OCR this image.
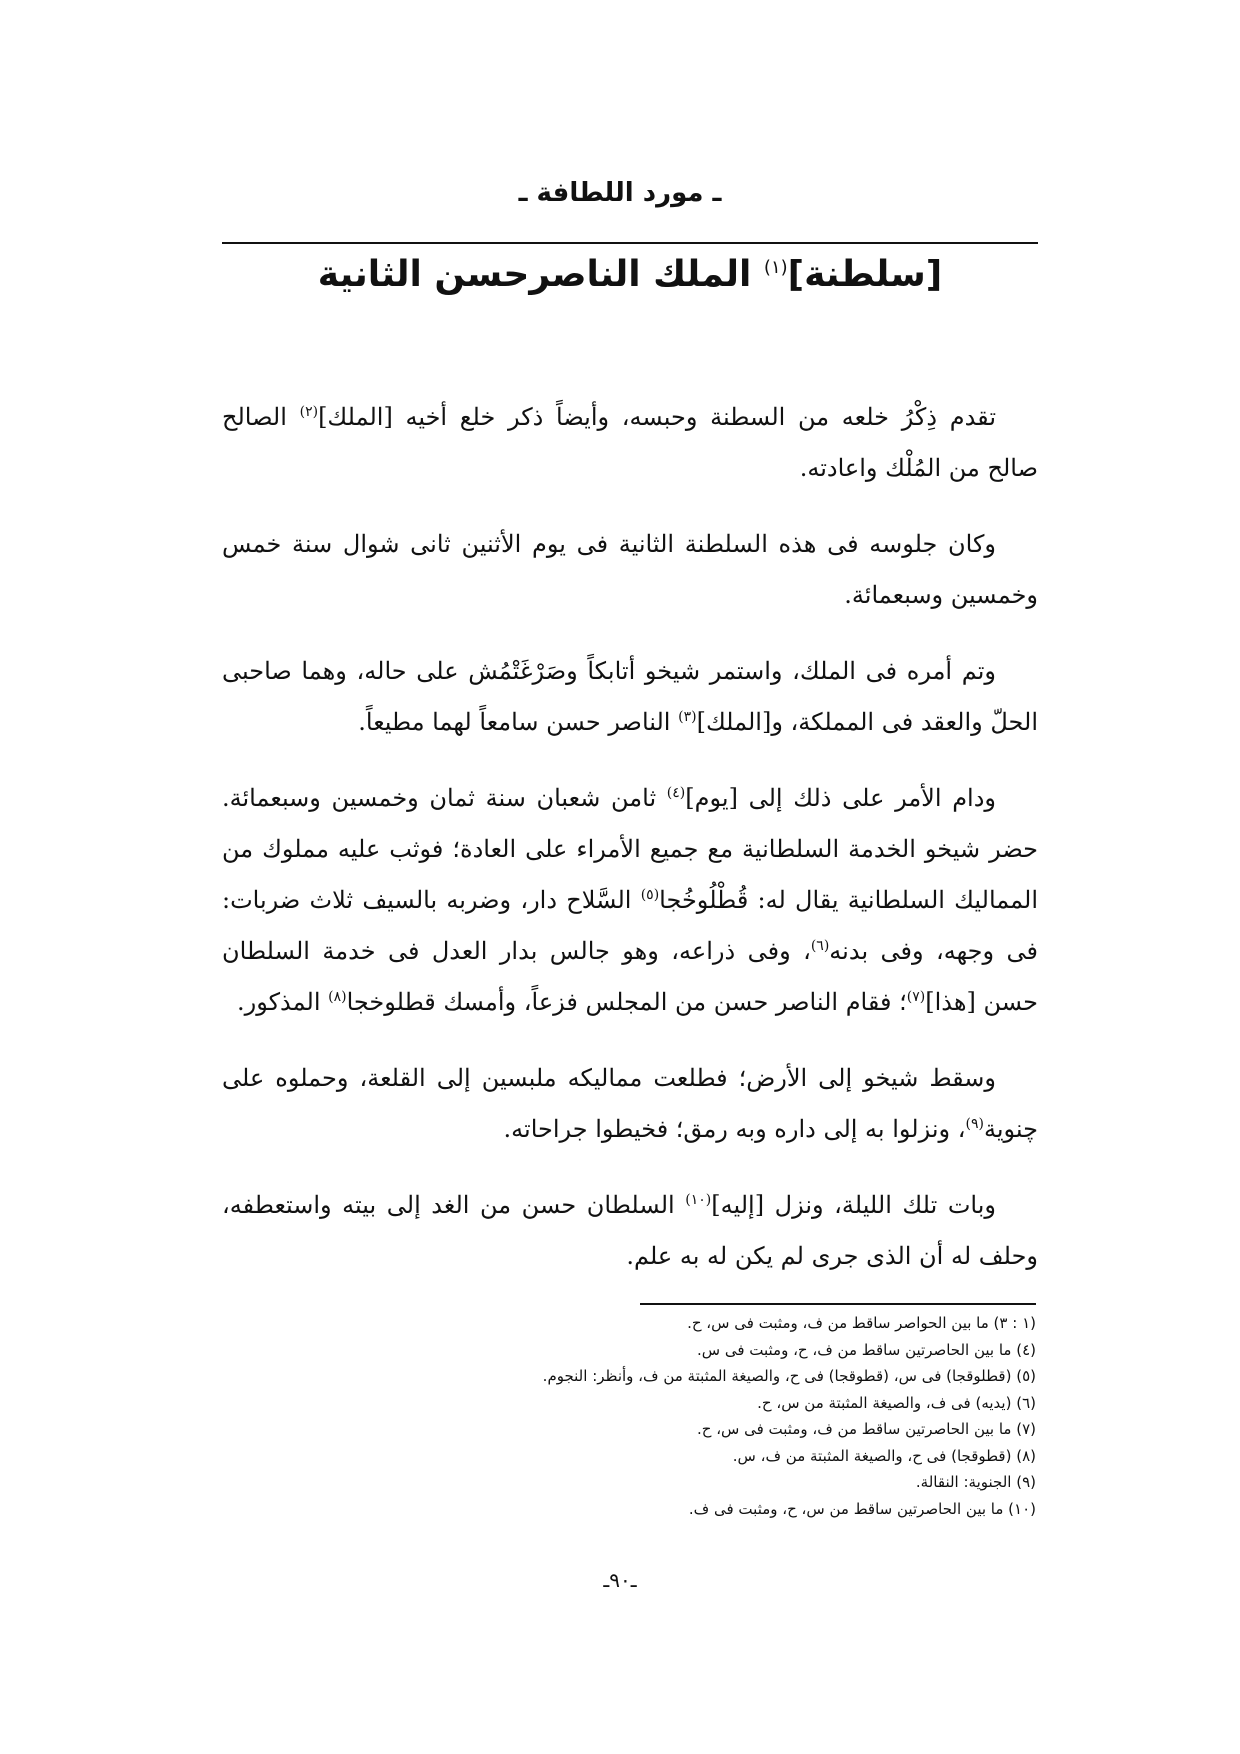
ـ مورد اللطافة ـ
[سلطنة]$^{(١)}$ الملك الناصرحسن الثانية

تقدم ذِكْرُ خلعه من السطنة وحبسه، وأيضاً ذكر خلع أخيه [الملك]$^{(٢)}$ الصالح صالح من المُلْك واعادته.

وكان جلوسه فى هذه السلطنة الثانية فى يوم الأثنين ثانى شوال سنة خمس وخمسين وسبعمائة.

وتم أمره فى الملك، واستمر شيخو أتابكاً وصَرْغَتْمُش على حاله، وهما صاحبى الحلّ والعقد فى المملكة، و[الملك]$^{(٣)}$ الناصر حسن سامعاً لهما مطيعاً.

ودام الأمر على ذلك إلى [يوم]$^{(٤)}$ ثامن شعبان سنة ثمان وخمسين وسبعمائة. حضر شيخو الخدمة السلطانية مع جميع الأمراء على العادة؛ فوثب عليه مملوك من المماليك السلطانية يقال له: قُطْلُوخُجا$^{(٥)}$ السَّلاح دار، وضربه بالسيف ثلاث ضربات: فى وجهه، وفى بدنه$^{(٦)}$، وفى ذراعه، وهو جالس بدار العدل فى خدمة السلطان حسن [هذا]$^{(٧)}$؛ فقام الناصر حسن من المجلس فزعاً، وأمسك قطلوخجا$^{(٨)}$ المذكور.

وسقط شيخو إلى الأرض؛ فطلعت مماليكه ملبسين إلى القلعة، وحملوه على چنوية$^{(٩)}$، ونزلوا به إلى داره وبه رمق؛ فخيطوا جراحاته.

وبات تلك الليلة، ونزل [إليه]$^{(١٠)}$ السلطان حسن من الغد إلى بيته واستعطفه، وحلف له أن الذى جرى لم يكن له به علم.

(١ : ٣) ما بين الحواصر ساقط من ف، ومثبت فى س، ح.
(٤) ما بين الحاصرتين ساقط من ف، ح، ومثبت فى س.
(٥) (قطلوقجا) فى س، (قطوقجا) فى ح، والصيغة المثبتة من ف، وأنظر: النجوم.
(٦) (يديه) فى ف، والصيغة المثبتة من س، ح.
(٧) ما بين الحاصرتين ساقط من ف، ومثبت فى س، ح.
(٨) (قطوقجا) فى ح، والصيغة المثبتة من ف، س.
(٩) الجنوية: النقالة.
(١٠) ما بين الحاصرتين ساقط من س، ح، ومثبت فى ف.
ـ٩٠ـ
